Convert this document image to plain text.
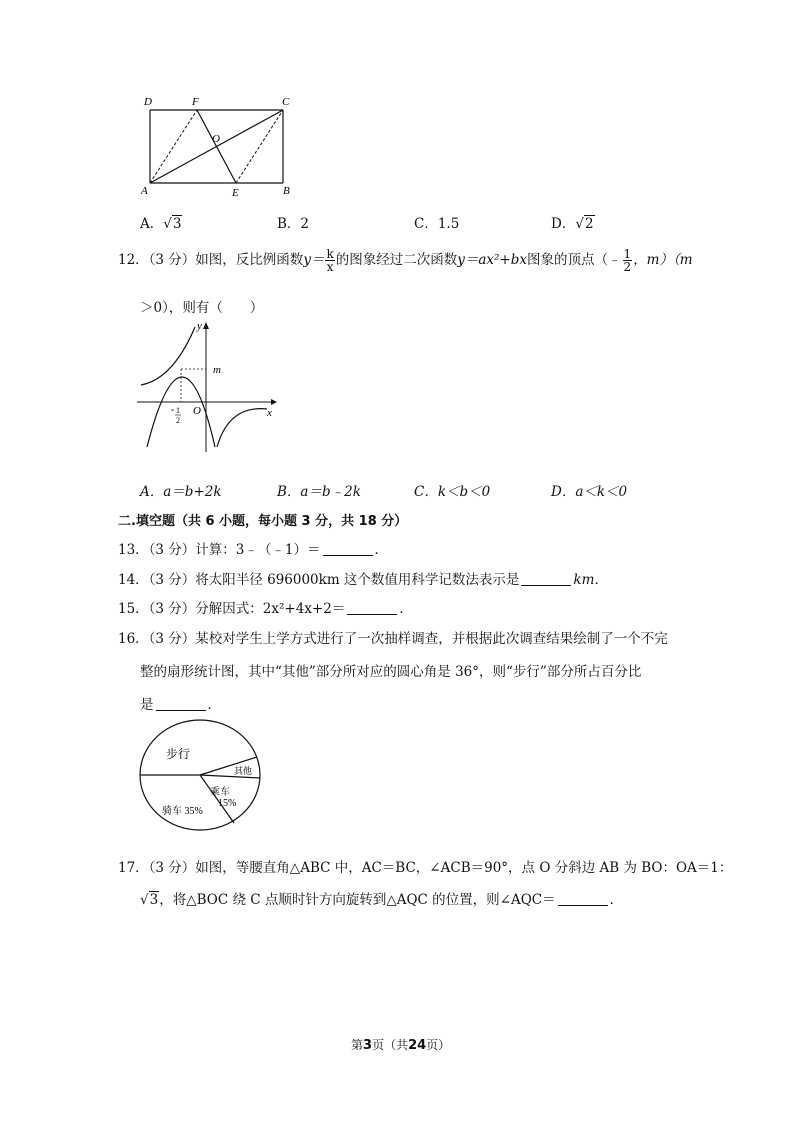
D	F	C
O
A	E	B
A．√3	B．2	C．1.5	D．√2
12．（3 分）如图，反比例函数$y= \frac{k}{x}$ 的图象经过二次函数y＝ax²+bx图象的顶点（﹣ $\frac{1}{2}$ ，m）（m
＞0），则有（　　）
y
m
O	x
1
2
A．a＝b+2k	B．a＝b﹣2k	C．k＜b＜0	D．a＜k＜0
二.填空题（共 6 小题，每小题 3 分，共 18 分）
13．（3 分）计算：3﹣（﹣1）＝	．
14．（3 分）将太阳半径 696000km 这个数值用科学记数法表示是	km．
15．（3 分）分解因式：2x²+4x+2＝	．
16．（3 分）某校对学生上学方式进行了一次抽样调查，并根据此次调查结果绘制了一个不完
整的扇形统计图，其中“其他”部分所对应的圆心角是 36°，则“步行”部分所占百分比
是	．
步行
其他
乘车
15%
骑车 35%
17．（3 分）如图，等腰直角△ABC 中，AC＝BC，∠ACB＝90°，点 O 分斜边 AB 为 BO：OA＝1：
√3，将△BOC 绕 C 点顺时针方向旋转到△AQC 的位置，则∠AQC＝	．
第3页（共24页）
